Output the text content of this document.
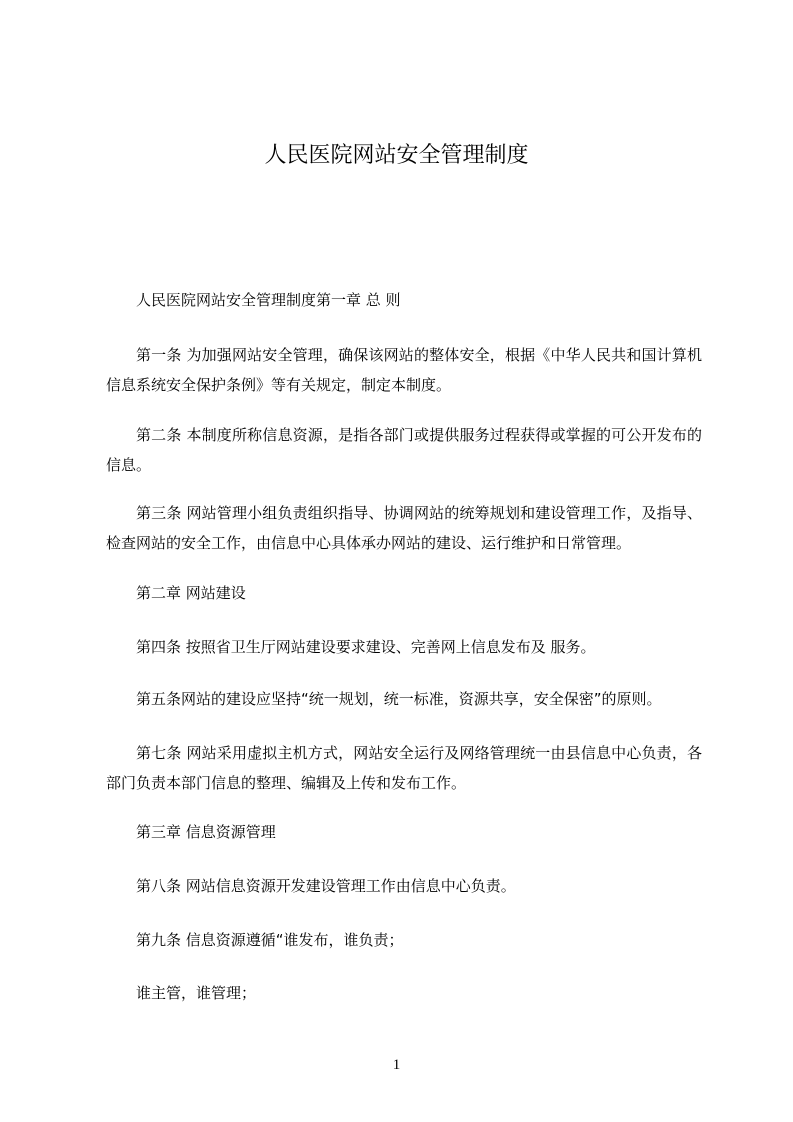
人民医院网站安全管理制度
人民医院网站安全管理制度第一章 总 则
第一条 为加强网站安全管理，确保该网站的整体安全，根据《中华人民共和国计算机信息系统安全保护条例》等有关规定，制定本制度。
第二条 本制度所称信息资源，是指各部门或提供服务过程获得或掌握的可公开发布的信息。
第三条 网站管理小组负责组织指导、协调网站的统筹规划和建设管理工作，及指导、检查网站的安全工作，由信息中心具体承办网站的建设、运行维护和日常管理。
第二章 网站建设
第四条 按照省卫生厅网站建设要求建设、完善网上信息发布及 服务。
第五条网站的建设应坚持“统一规划，统一标准，资源共享，安全保密”的原则。
第七条 网站采用虚拟主机方式，网站安全运行及网络管理统一由县信息中心负责，各部门负责本部门信息的整理、编辑及上传和发布工作。
第三章 信息资源管理
第八条 网站信息资源开发建设管理工作由信息中心负责。
第九条 信息资源遵循“谁发布，谁负责；
谁主管，谁管理；
1
